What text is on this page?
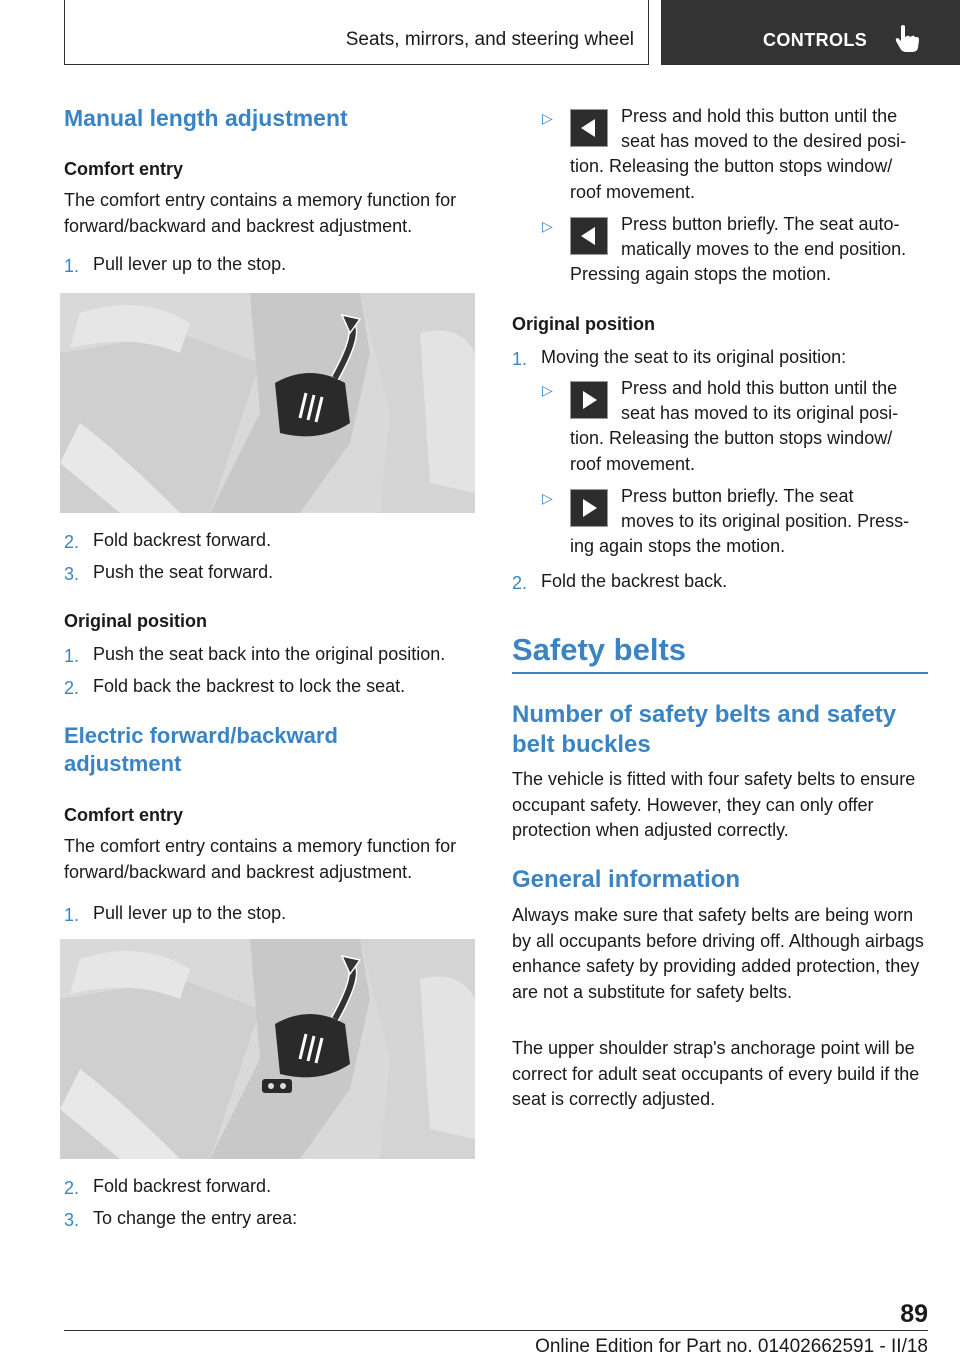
Seats, mirrors, and steering wheel	CONTROLS
Manual length adjustment
Comfort entry
The comfort entry contains a memory function for forward/backward and backrest adjustment.
1. Pull lever up to the stop.
2. Fold backrest forward.
3. Push the seat forward.
Original position
1. Push the seat back into the original position.
2. Fold back the backrest to lock the seat.
Electric forward/backward adjustment
Comfort entry
The comfort entry contains a memory function for forward/backward and backrest adjustment.
1. Pull lever up to the stop.
2. Fold backrest forward.
3. To change the entry area:
▷	Press and hold this button until the
seat has moved to the desired posi-
tion. Releasing the button stops window/ roof movement.
▷	Press button briefly. The seat auto-
matically moves to the end position.
Pressing again stops the motion.
Original position
1. Moving the seat to its original position:
▷	Press and hold this button until the
seat has moved to its original posi-
tion. Releasing the button stops window/ roof movement.
▷	Press button briefly. The seat
moves to its original position. Press-
ing again stops the motion.
2. Fold the backrest back.
Safety belts
Number of safety belts and safety belt buckles
The vehicle is fitted with four safety belts to ensure occupant safety. However, they can only offer protection when adjusted correctly.
General information
Always make sure that safety belts are being worn by all occupants before driving off. Although airbags enhance safety by providing added protection, they are not a substitute for safety belts.
The upper shoulder strap's anchorage point will be correct for adult seat occupants of every build if the seat is correctly adjusted.
89
Online Edition for Part no. 01402662591 - II/18
